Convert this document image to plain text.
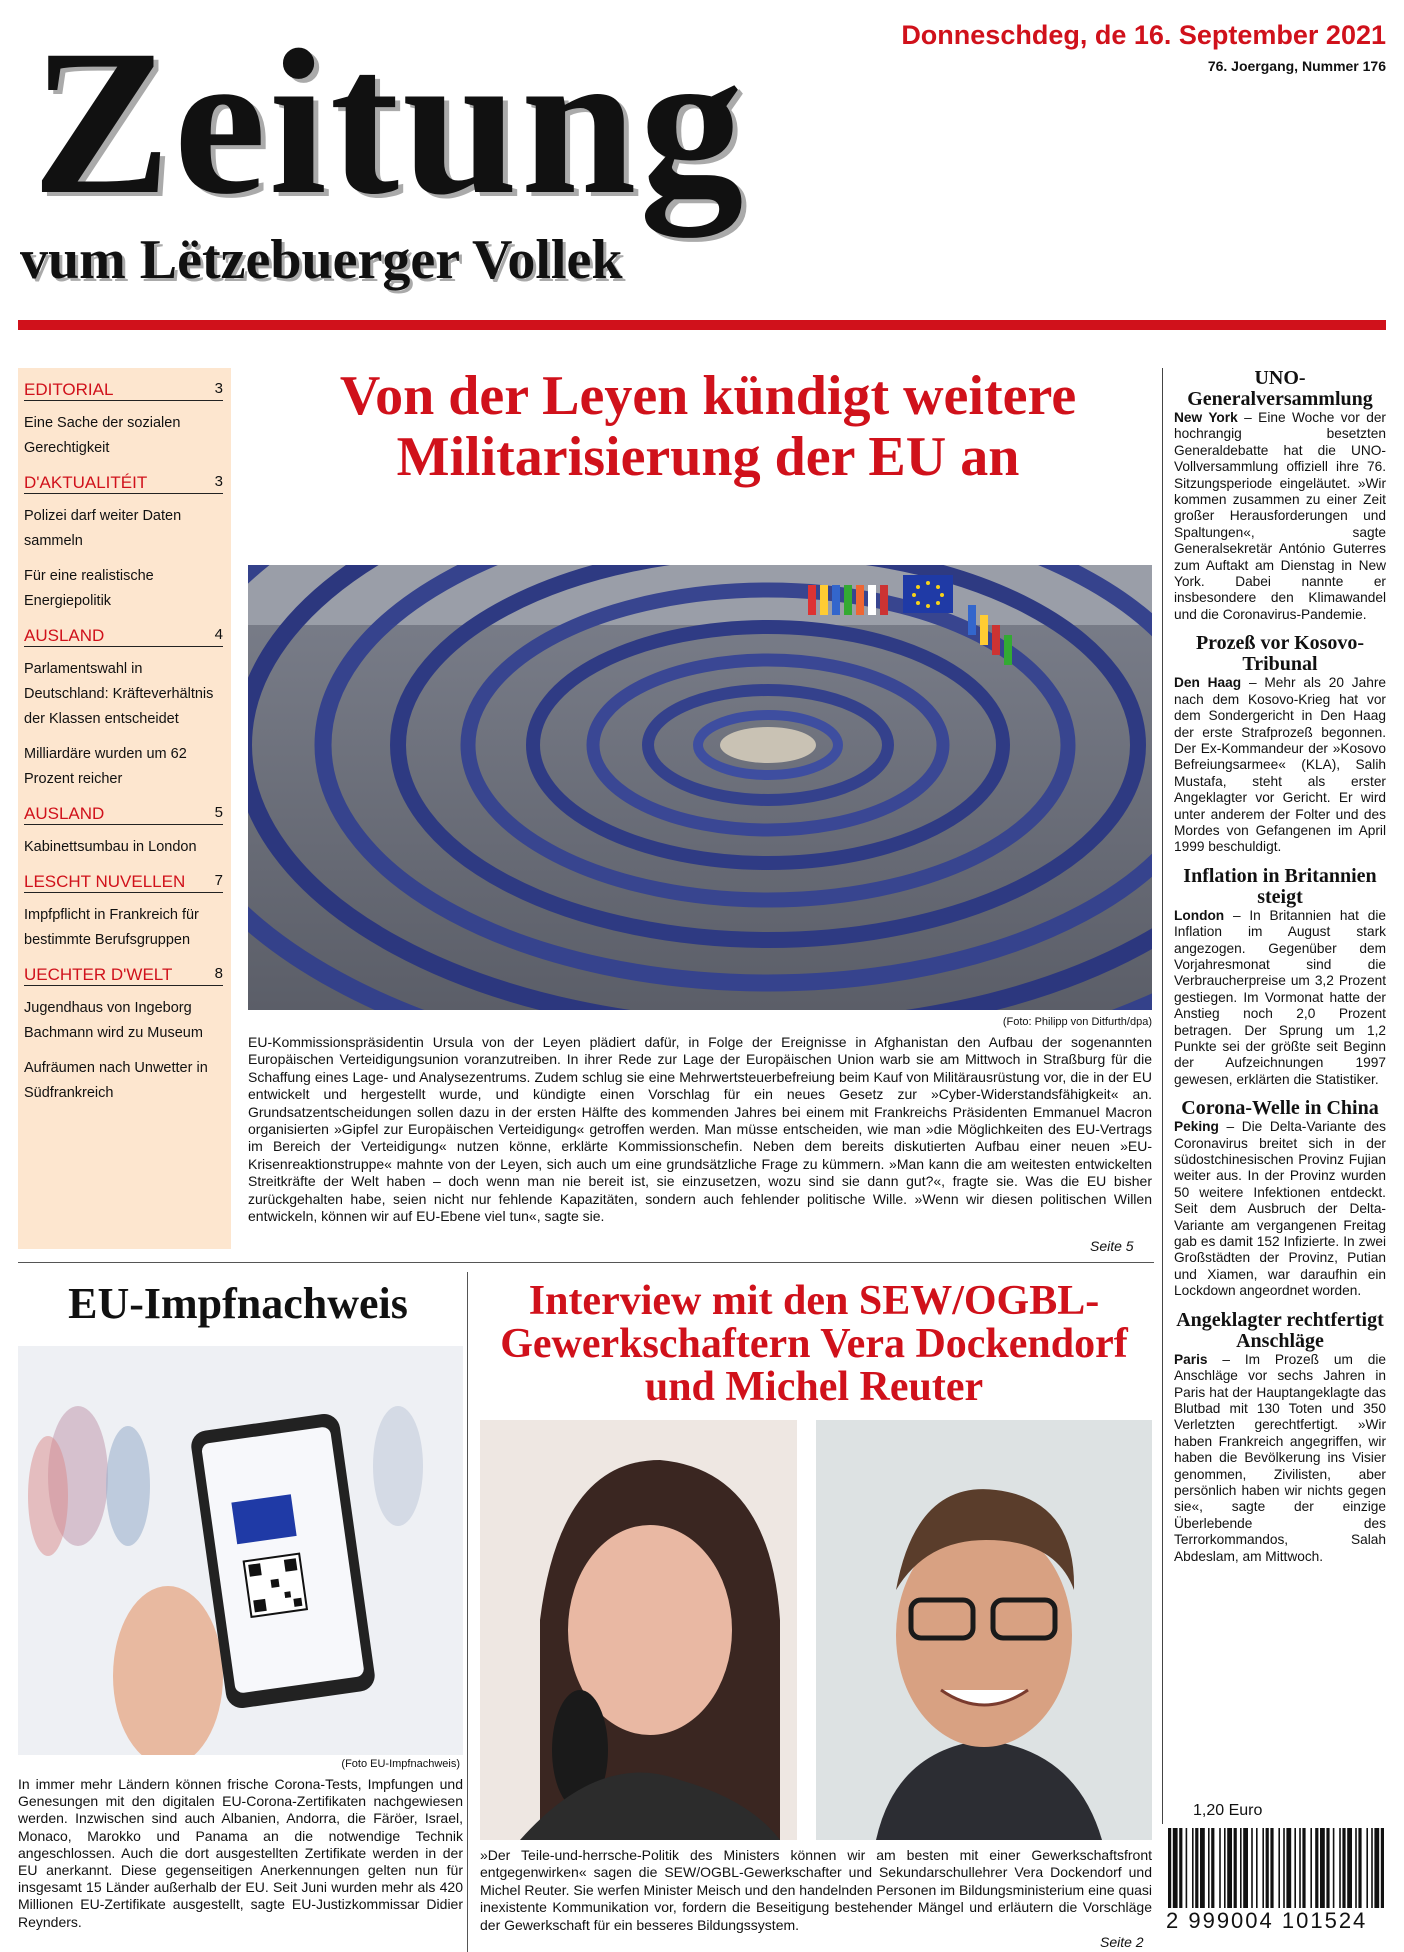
Zeitung
vum Lëtzebuerger Vollek
Donneschdeg, de 16. September 2021
76. Joergang, Nummer 176
EDITORIAL	3
Eine Sache der sozialen Gerechtigkeit
D'AKTUALITÉIT	3
Polizei darf weiter Daten sammeln
Für eine realistische Energiepolitik
AUSLAND	4
Parlamentswahl in Deutschland: Kräfteverhältnis der Klassen entscheidet
Milliardäre wurden um 62 Prozent reicher
AUSLAND	5
Kabinettsumbau in London
LESCHT NUVELLEN 7
Impfpflicht in Frankreich für bestimmte Berufsgruppen
UECHTER D'WELT	8
Jugendhaus von Ingeborg Bachmann wird zu Museum
Aufräumen nach Unwetter in Südfrankreich
Von der Leyen kündigt weitere Militarisierung der EU an
(Foto: Philipp von Ditfurth/dpa)
EU-Kommissionspräsidentin Ursula von der Leyen plädiert dafür, in Folge der Ereignisse in Afghanistan den Aufbau der sogenannten Europäischen Verteidigungsunion voranzutreiben. In ihrer Rede zur Lage der Europäischen Union warb sie am Mittwoch in Straßburg für die Schaffung eines Lage- und Analysezentrums. Zudem schlug sie eine Mehrwertsteuerbefreiung beim Kauf von Militärausrüstung vor, die in der EU entwickelt und hergestellt wurde, und kündigte einen Vorschlag für ein neues Gesetz zur »Cyber-Widerstandsfähigkeit« an. Grundsatzentscheidungen sollen dazu in der ersten Hälfte des kommenden Jahres bei einem mit Frankreichs Präsidenten Emmanuel Macron organisierten »Gipfel zur Europäischen Verteidigung« getroffen werden. Man müsse entscheiden, wie man »die Möglichkeiten des EU-Vertrags im Bereich der Verteidigung« nutzen könne, erklärte Kommissionschefin. Neben dem bereits diskutierten Aufbau einer neuen »EU-Krisenreaktionstruppe« mahnte von der Leyen, sich auch um eine grundsätzliche Frage zu kümmern. »Man kann die am weitesten entwickelten Streitkräfte der Welt haben – doch wenn man nie bereit ist, sie einzusetzen, wozu sind sie dann gut?«, fragte sie. Was die EU bisher zurückgehalten habe, seien nicht nur fehlende Kapazitäten, sondern auch fehlender politische Wille. »Wenn wir diesen politischen Willen entwickeln, können wir auf EU-Ebene viel tun«, sagte sie.
Seite 5
UNO-Generalversammlung
New York – Eine Woche vor der hochrangig besetzten Generaldebatte hat die UNO-Vollversammlung offiziell ihre 76. Sitzungsperiode eingeläutet. »Wir kommen zusammen zu einer Zeit großer Herausforderungen und Spaltungen«, sagte Generalsekretär António Guterres zum Auftakt am Dienstag in New York. Dabei nannte er insbesondere den Klimawandel und die Coronavirus-Pandemie.
Prozeß vor Kosovo-Tribunal
Den Haag – Mehr als 20 Jahre nach dem Kosovo-Krieg hat vor dem Sondergericht in Den Haag der erste Strafprozeß begonnen. Der Ex-Kommandeur der »Kosovo Befreiungsarmee« (KLA), Salih Mustafa, steht als erster Angeklagter vor Gericht. Er wird unter anderem der Folter und des Mordes von Gefangenen im April 1999 beschuldigt.
Inflation in Britannien steigt
London – In Britannien hat die Inflation im August stark angezogen. Gegenüber dem Vorjahresmonat sind die Verbraucherpreise um 3,2 Prozent gestiegen. Im Vormonat hatte der Anstieg noch 2,0 Prozent betragen. Der Sprung um 1,2 Punkte sei der größte seit Beginn der Aufzeichnungen 1997 gewesen, erklärten die Statistiker.
Corona-Welle in China
Peking – Die Delta-Variante des Coronavirus breitet sich in der südostchinesischen Provinz Fujian weiter aus. In der Provinz wurden 50 weitere Infektionen entdeckt. Seit dem Ausbruch der Delta-Variante am vergangenen Freitag gab es damit 152 Infizierte. In zwei Großstädten der Provinz, Putian und Xiamen, war daraufhin ein Lockdown angeordnet worden.
Angeklagter rechtfertigt Anschläge
Paris – Im Prozeß um die Anschläge vor sechs Jahren in Paris hat der Hauptangeklagte das Blutbad mit 130 Toten und 350 Verletzten gerechtfertigt. »Wir haben Frankreich angegriffen, wir haben die Bevölkerung ins Visier genommen, Zivilisten, aber persönlich haben wir nichts gegen sie«, sagte der einzige Überlebende des Terrorkommandos, Salah Abdeslam, am Mittwoch.
EU-Impfnachweis
(Foto EU-Impfnachweis)
In immer mehr Ländern können frische Corona-Tests, Impfungen und Genesungen mit den digitalen EU-Corona-Zertifikaten nachgewiesen werden. Inzwischen sind auch Albanien, Andorra, die Färöer, Israel, Monaco, Marokko und Panama an die notwendige Technik angeschlossen. Auch die dort ausgestellten Zertifikate werden in der EU anerkannt. Diese gegenseitigen Anerkennungen gelten nun für insgesamt 15 Länder außerhalb der EU. Seit Juni wurden mehr als 420 Millionen EU-Zertifikate ausgestellt, sagte EU-Justizkommissar Didier Reynders.
Interview mit den SEW/OGBL-Gewerkschaftern Vera Dockendorf und Michel Reuter
»Der Teile-und-herrsche-Politik des Ministers können wir am besten mit einer Gewerkschaftsfront entgegenwirken« sagen die SEW/OGBL-Gewerkschafter und Sekundarschullehrer Vera Dockendorf und Michel Reuter. Sie werfen Minister Meisch und den handelnden Personen im Bildungsministerium eine quasi inexistente Kommunikation vor, fordern die Beseitigung bestehender Mängel und erläutern die Vorschläge der Gewerkschaft für ein besseres Bildungssystem.
Seite 2
1,20 Euro
2 999004 101524
